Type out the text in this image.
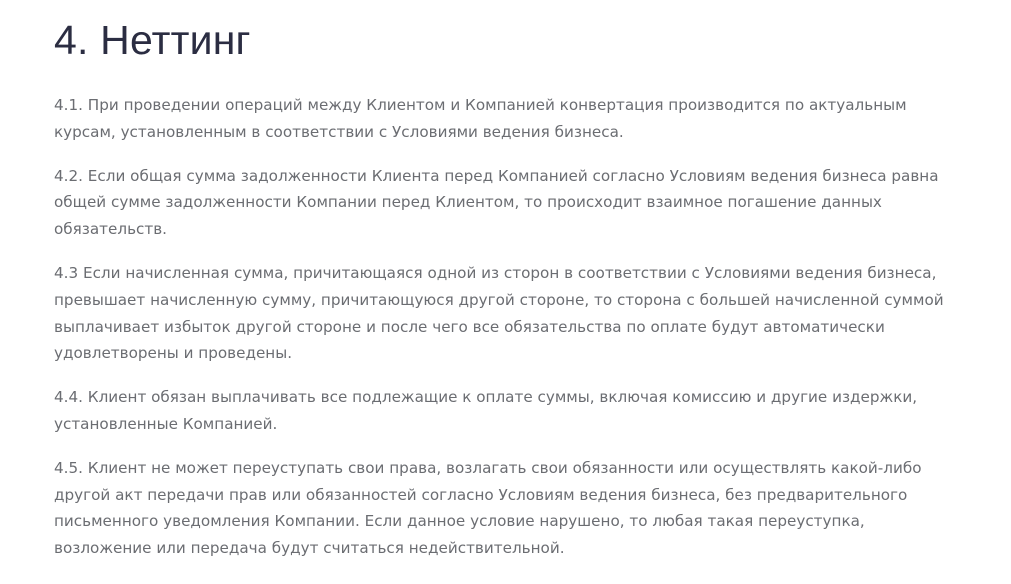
4. Неттинг

4.1. При проведении операций между Клиентом и Компанией конвертация производится по актуальным
курсам, установленным в соответствии с Условиями ведения бизнеса.

4.2. Если общая сумма задолженности Клиента перед Компанией согласно Условиям ведения бизнеса равна
общей сумме задолженности Компании перед Клиентом, то происходит взаимное погашение данных
обязательств.

4.3 Если начисленная сумма, причитающаяся одной из сторон в соответствии с Условиями ведения бизнеса,
превышает начисленную сумму, причитающуюся другой стороне, то сторона с большей начисленной суммой
выплачивает избыток другой стороне и после чего все обязательства по оплате будут автоматически
удовлетворены и проведены.

4.4. Клиент обязан выплачивать все подлежащие к оплате суммы, включая комиссию и другие издержки,
установленные Компанией.

4.5. Клиент не может переуступать свои права, возлагать свои обязанности или осуществлять какой-либо
другой акт передачи прав или обязанностей согласно Условиям ведения бизнеса, без предварительного
письменного уведомления Компании. Если данное условие нарушено, то любая такая переуступка,
возложение или передача будут считаться недействительной.
